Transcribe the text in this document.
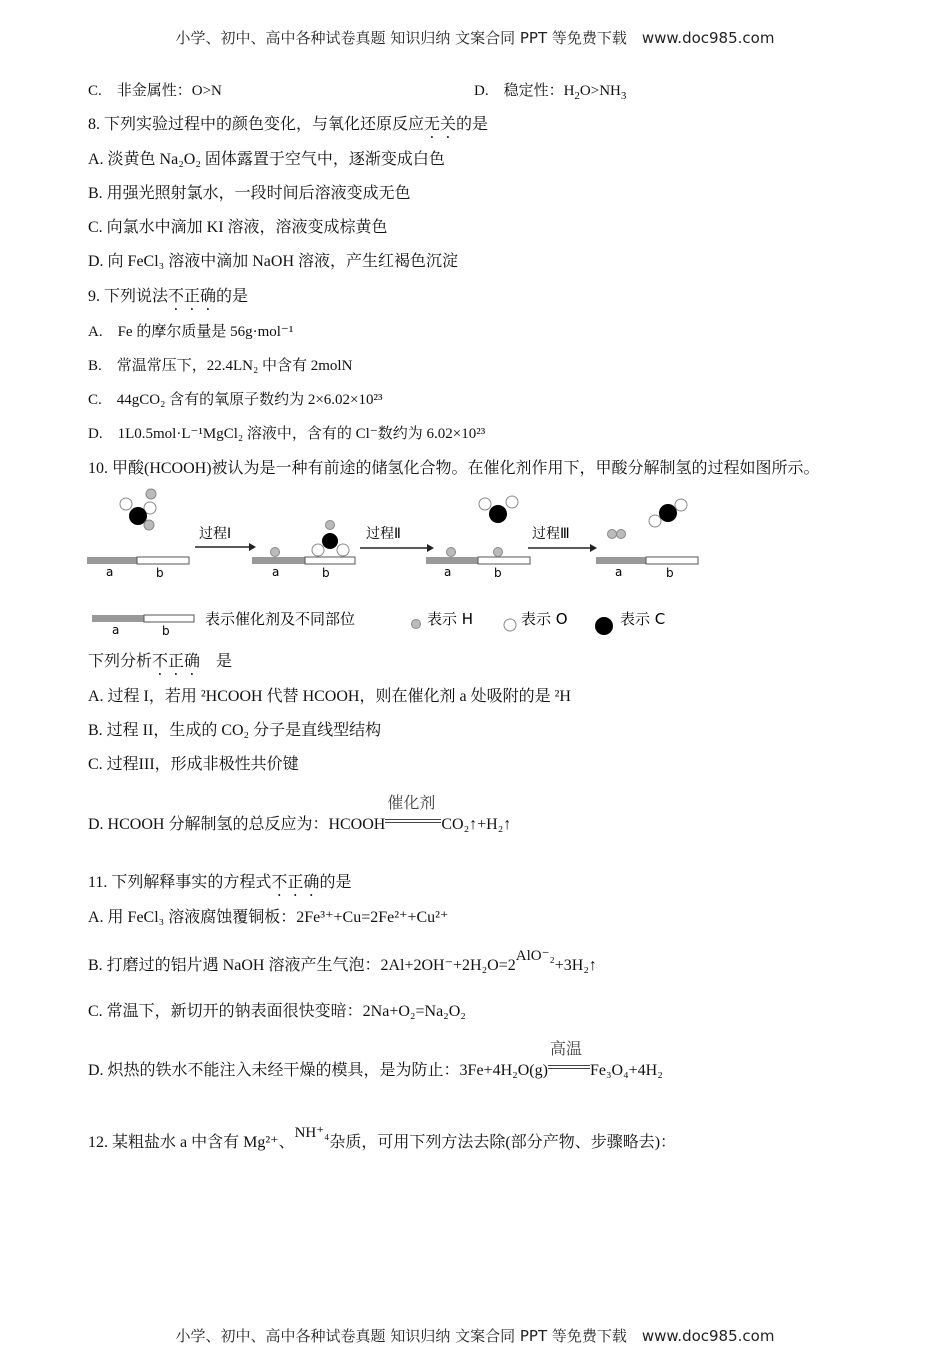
小学、初中、高中各种试卷真题 知识归纳 文案合同 PPT 等免费下载　www.doc985.com
C.　非金属性：O>N	D.　稳定性：$H_2O>NH_3$
8. 下列实验过程中的颜色变化，与氧化还原反应无关的是
A. 淡黄色 Na₂O₂ 固体露置于空气中，逐渐变成白色
B. 用强光照射氯水，一段时间后溶液变成无色
C. 向氯水中滴加 KI 溶液，溶液变成棕黄色
D. 向 FeCl₃ 溶液中滴加 NaOH 溶液，产生红褐色沉淀
9. 下列说法不正确的是
A.　Fe 的摩尔质量是 56g·mol⁻¹
B.　常温常压下，22.4LN₂ 中含有 2molN
C.　44gCO₂ 含有的氧原子数约为 2×6.02×10²³
D.　1L0.5mol·L⁻¹MgCl₂ 溶液中，含有的 Cl⁻数约为 6.02×10²³
10. 甲酸(HCOOH)被认为是一种有前途的储氢化合物。在催化剂作用下，甲酸分解制氢的过程如图所示。
a	b
过程Ⅰ
a	b
过程Ⅱ
a	b
过程Ⅲ
a	b
a	b
表示催化剂及不同部位	表示 H	表示 O	表示 C
下列分析不正确　是
A. 过程 I，若用 ²HCOOH 代替 HCOOH，则在催化剂 a 处吸附的是 ²H
B. 过程 II，生成的 CO₂ 分子是直线型结构
C. 过程III，形成非极性共价键
D. HCOOH 分解制氢的总反应为：HCOOH
催化剂
CO₂↑+H₂↑
11. 下列解释事实的方程式不正确的是
A. 用 FeCl₃ 溶液腐蚀覆铜板：2Fe³⁺+Cu=2Fe²⁺+Cu²⁺
B. 打磨过的铝片遇 NaOH 溶液产生气泡：2Al+2OH⁻+2H₂O=2AlO⁻₂+3H₂↑
C. 常温下，新切开的钠表面很快变暗：2Na+O₂=Na₂O₂
D. 炽热的铁水不能注入未经干燥的模具，是为防止：3Fe+4H₂O(g)
高温
Fe₃O₄+4H₂
12. 某粗盐水 a 中含有 Mg²⁺、NH⁺₄杂质，可用下列方法去除(部分产物、步骤略去)：
小学、初中、高中各种试卷真题 知识归纳 文案合同 PPT 等免费下载　www.doc985.com
